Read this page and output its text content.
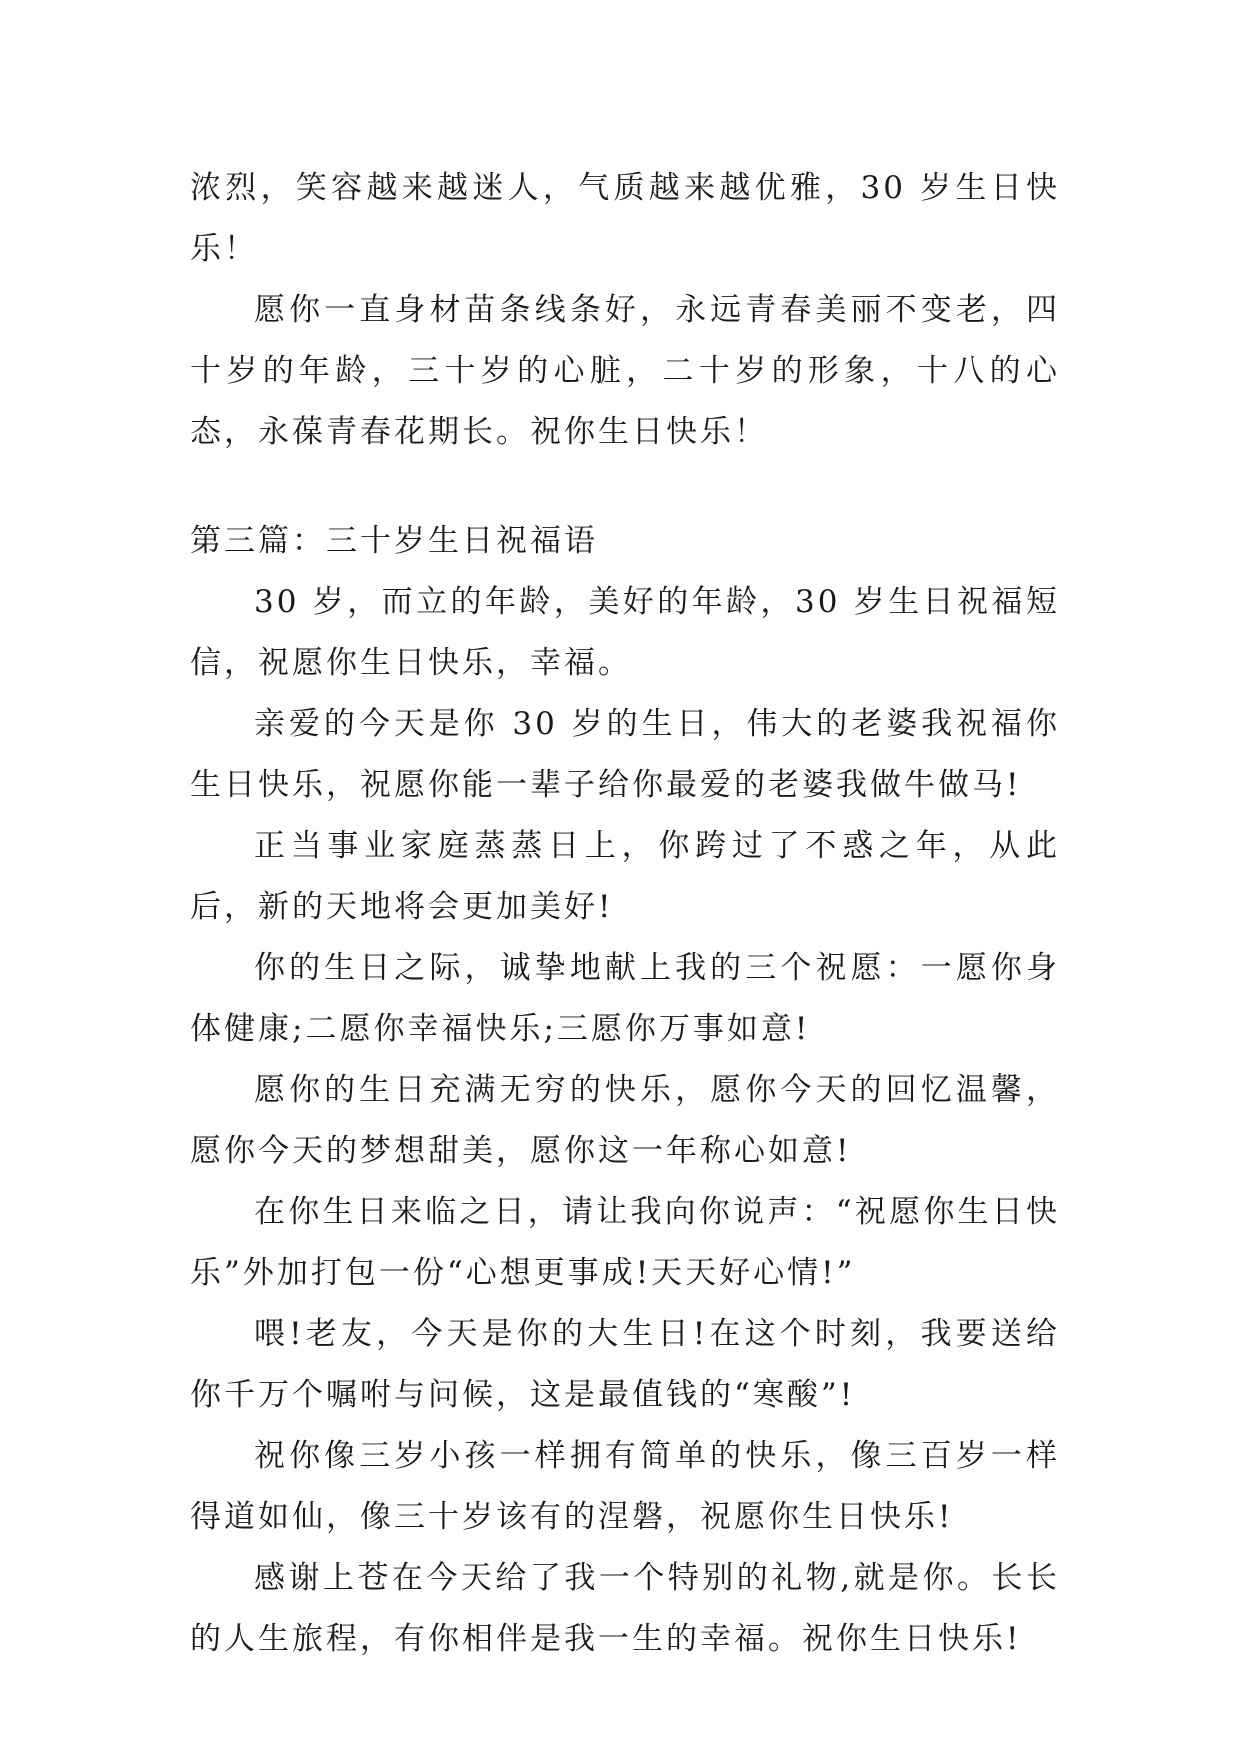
浓烈，笑容越来越迷人，气质越来越优雅，30 岁生日快乐！

愿你一直身材苗条线条好，永远青春美丽不变老，四十岁的年龄，三十岁的心脏，二十岁的形象，十八的心态，永葆青春花期长。祝你生日快乐！

第三篇：三十岁生日祝福语

30 岁，而立的年龄，美好的年龄，30 岁生日祝福短信，祝愿你生日快乐，幸福。

亲爱的今天是你 30 岁的生日，伟大的老婆我祝福你生日快乐，祝愿你能一辈子给你最爱的老婆我做牛做马!

正当事业家庭蒸蒸日上，你跨过了不惑之年，从此后，新的天地将会更加美好!

你的生日之际，诚挚地献上我的三个祝愿：一愿你身体健康;二愿你幸福快乐;三愿你万事如意!

愿你的生日充满无穷的快乐，愿你今天的回忆温馨，愿你今天的梦想甜美，愿你这一年称心如意!

在你生日来临之日，请让我向你说声：“祝愿你生日快乐”外加打包一份“心想更事成!天天好心情!”

喂!老友，今天是你的大生日!在这个时刻，我要送给你千万个嘱咐与问候，这是最值钱的“寒酸”!

祝你像三岁小孩一样拥有简单的快乐，像三百岁一样得道如仙，像三十岁该有的涅磐，祝愿你生日快乐!

感谢上苍在今天给了我一个特别的礼物,就是你。长长的人生旅程，有你相伴是我一生的幸福。祝你生日快乐!
